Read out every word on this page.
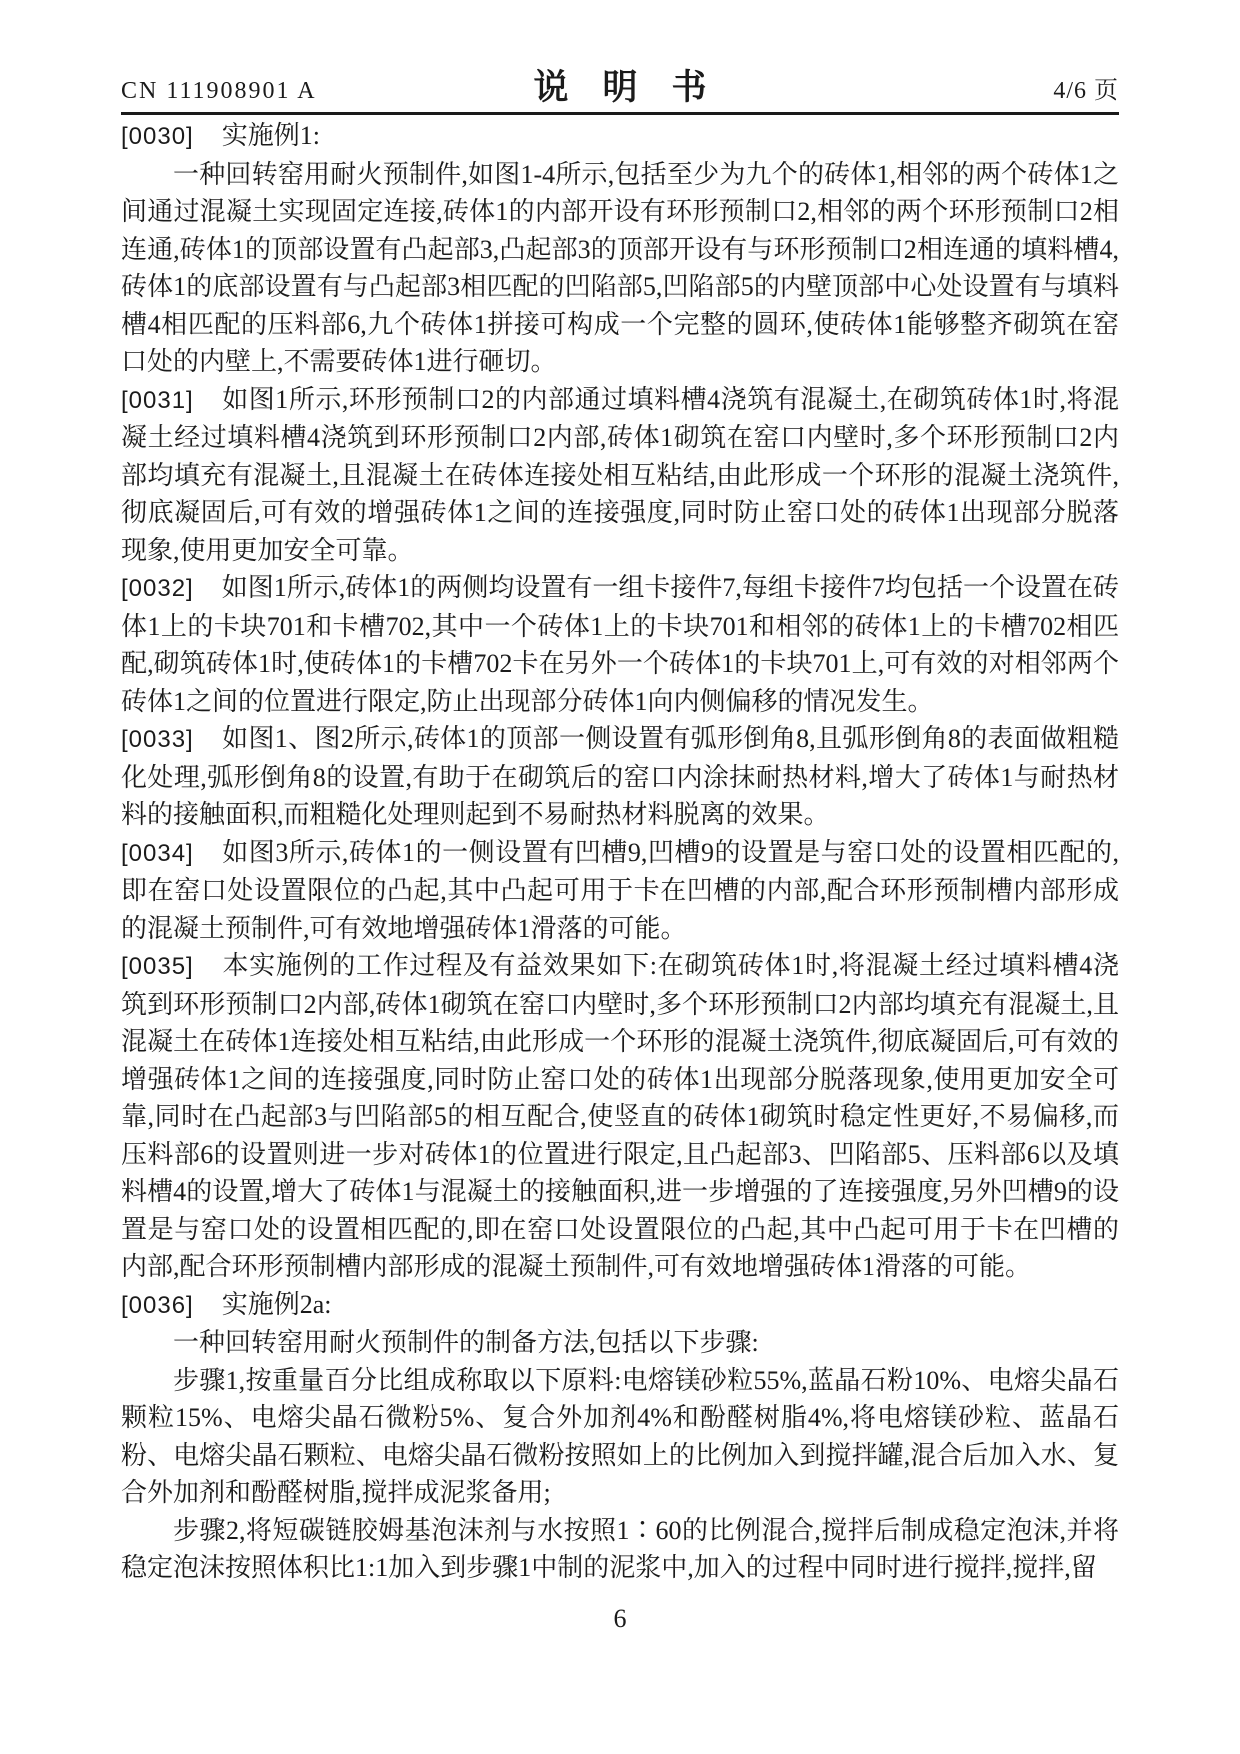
CN 111908901 A	说明书	4/6 页

[0030] 实施例1:

一种回转窑用耐火预制件,如图1-4所示,包括至少为九个的砖体1,相邻的两个砖体1之间通过混凝土实现固定连接,砖体1的内部开设有环形预制口2,相邻的两个环形预制口2相连通,砖体1的顶部设置有凸起部3,凸起部3的顶部开设有与环形预制口2相连通的填料槽4,砖体1的底部设置有与凸起部3相匹配的凹陷部5,凹陷部5的内壁顶部中心处设置有与填料槽4相匹配的压料部6,九个砖体1拼接可构成一个完整的圆环,使砖体1能够整齐砌筑在窑口处的内壁上,不需要砖体1进行砸切。

[0031] 如图1所示,环形预制口2的内部通过填料槽4浇筑有混凝土,在砌筑砖体1时,将混凝土经过填料槽4浇筑到环形预制口2内部,砖体1砌筑在窑口内壁时,多个环形预制口2内部均填充有混凝土,且混凝土在砖体连接处相互粘结,由此形成一个环形的混凝土浇筑件,彻底凝固后,可有效的增强砖体1之间的连接强度,同时防止窑口处的砖体1出现部分脱落现象,使用更加安全可靠。

[0032] 如图1所示,砖体1的两侧均设置有一组卡接件7,每组卡接件7均包括一个设置在砖体1上的卡块701和卡槽702,其中一个砖体1上的卡块701和相邻的砖体1上的卡槽702相匹配,砌筑砖体1时,使砖体1的卡槽702卡在另外一个砖体1的卡块701上,可有效的对相邻两个砖体1之间的位置进行限定,防止出现部分砖体1向内侧偏移的情况发生。

[0033] 如图1、图2所示,砖体1的顶部一侧设置有弧形倒角8,且弧形倒角8的表面做粗糙化处理,弧形倒角8的设置,有助于在砌筑后的窑口内涂抹耐热材料,增大了砖体1与耐热材料的接触面积,而粗糙化处理则起到不易耐热材料脱离的效果。

[0034] 如图3所示,砖体1的一侧设置有凹槽9,凹槽9的设置是与窑口处的设置相匹配的,即在窑口处设置限位的凸起,其中凸起可用于卡在凹槽的内部,配合环形预制槽内部形成的混凝土预制件,可有效地增强砖体1滑落的可能。

[0035] 本实施例的工作过程及有益效果如下:在砌筑砖体1时,将混凝土经过填料槽4浇筑到环形预制口2内部,砖体1砌筑在窑口内壁时,多个环形预制口2内部均填充有混凝土,且混凝土在砖体1连接处相互粘结,由此形成一个环形的混凝土浇筑件,彻底凝固后,可有效的增强砖体1之间的连接强度,同时防止窑口处的砖体1出现部分脱落现象,使用更加安全可靠,同时在凸起部3与凹陷部5的相互配合,使竖直的砖体1砌筑时稳定性更好,不易偏移,而压料部6的设置则进一步对砖体1的位置进行限定,且凸起部3、凹陷部5、压料部6以及填料槽4的设置,增大了砖体1与混凝土的接触面积,进一步增强的了连接强度,另外凹槽9的设置是与窑口处的设置相匹配的,即在窑口处设置限位的凸起,其中凸起可用于卡在凹槽的内部,配合环形预制槽内部形成的混凝土预制件,可有效地增强砖体1滑落的可能。

[0036] 实施例2a:

一种回转窑用耐火预制件的制备方法,包括以下步骤:

步骤1,按重量百分比组成称取以下原料:电熔镁砂粒55%,蓝晶石粉10%、电熔尖晶石颗粒15%、电熔尖晶石微粉5%、复合外加剂4%和酚醛树脂4%,将电熔镁砂粒、蓝晶石粉、电熔尖晶石颗粒、电熔尖晶石微粉按照如上的比例加入到搅拌罐,混合后加入水、复合外加剂和酚醛树脂,搅拌成泥浆备用;

步骤2,将短碳链胶姆基泡沫剂与水按照1∶60的比例混合,搅拌后制成稳定泡沫,并将稳定泡沫按照体积比1:1加入到步骤1中制的泥浆中,加入的过程中同时进行搅拌,搅拌,留

6
